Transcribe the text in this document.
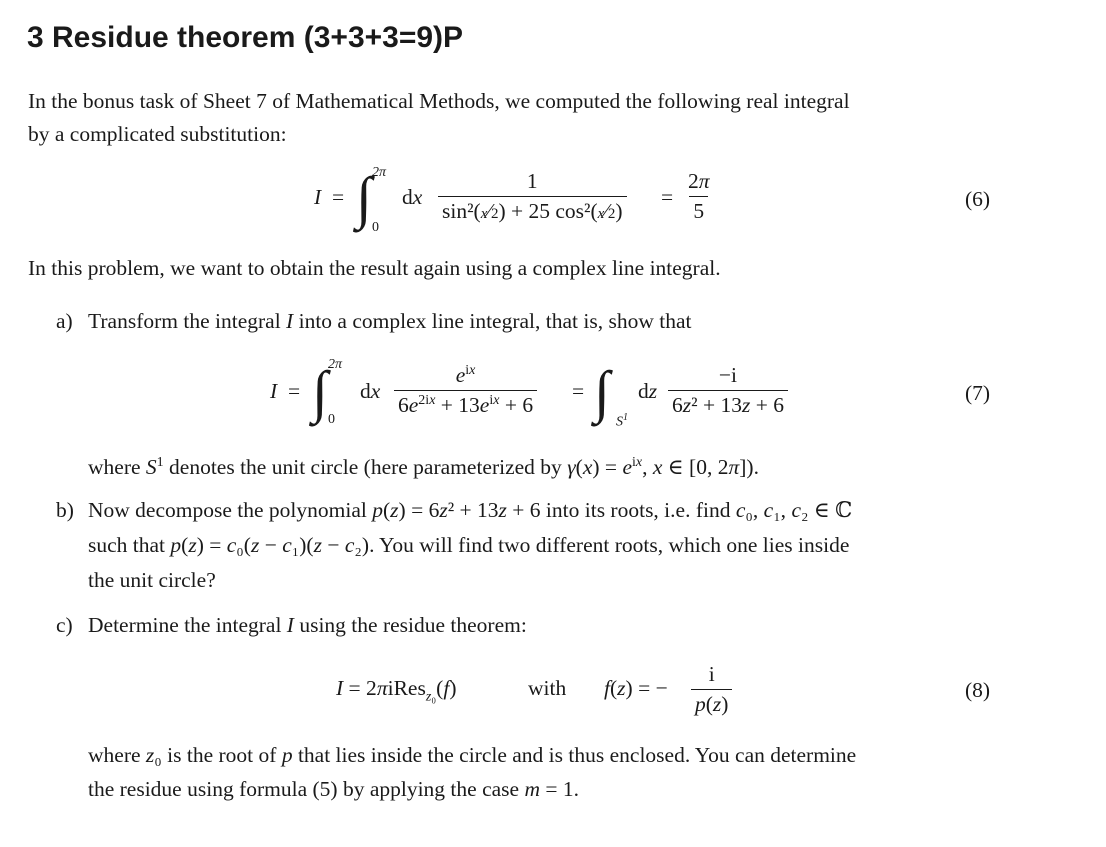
3 Residue theorem (3+3+3=9)P
In the bonus task of Sheet 7 of Mathematical Methods, we computed the following real integral
by a complicated substitution:
I = ∫ 2π
0
dx $\frac{1}{\text{sin²(x⁄2) + 25 cos²(x⁄2)}} = \frac{2\pi}{5}$	(6)
In this problem, we want to obtain the result again using a complex line integral.
a) Transform the integral I into a complex line integral, that is, show that
I = ∫ 2π
0
dx $\frac{e^{ix}}{6e^{2ix} + 13e^{ix} + 6}$ = ∫ $S^1$
dz $\frac{-i}{\text{6z² + 13z + 6}}$	(7)
where $S^1$ denotes the unit circle (here parameterized by $\gamma(x) = e^{ix}$, x ∈ [0, 2π]).
b) Now decompose the polynomial p(z) = 6z² + 13z + 6 into its roots, i.e. find c₀, c₁, c₂ ∈ ℂ
such that p(z) = c₀(z − c₁)(z − c₂). You will find two different roots, which one lies inside
the unit circle?
c) Determine the integral I using the residue theorem:
I = 2πiRes$_{z_0}$(f)	with f(z) = − $\frac{i}{p(z)}$	(8)
where z₀ is the root of p that lies inside the circle and is thus enclosed. You can determine
the residue using formula (5) by applying the case m = 1.
